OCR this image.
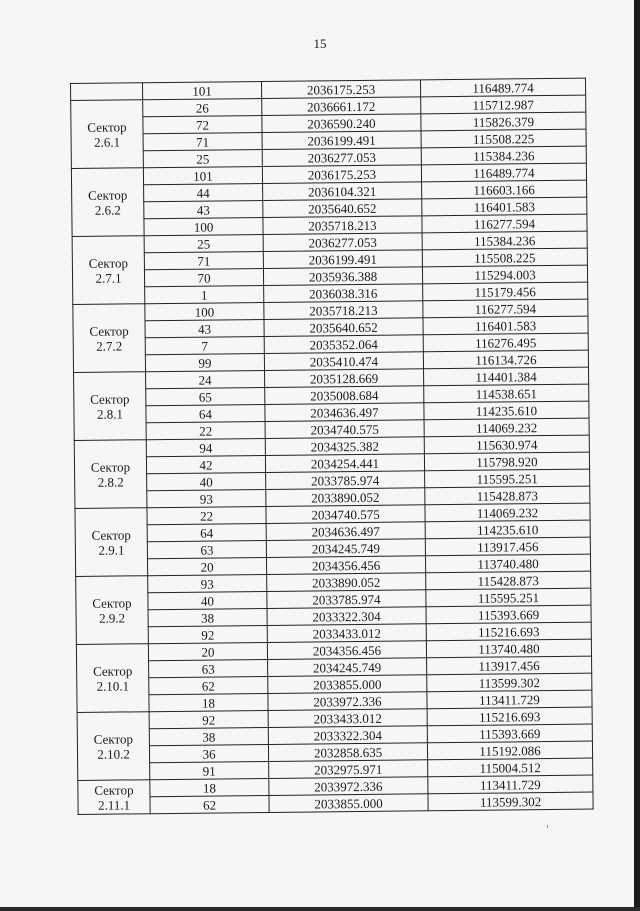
15
	101	2036175.253	116489.774

Сектор
2.6.1	26	2036661.172	115712.987
	72	2036590.240	115826.379
	71	2036199.491	115508.225
	25	2036277.053	115384.236

Сектор
2.6.2	101	2036175.253	116489.774
	44	2036104.321	116603.166
	43	2035640.652	116401.583
	100	2035718.213	116277.594

Сектор
2.7.1	25	2036277.053	115384.236
	71	2036199.491	115508.225
	70	2035936.388	115294.003
	1	2036038.316	115179.456

Сектор
2.7.2	100	2035718.213	116277.594
	43	2035640.652	116401.583
	7	2035352.064	116276.495
	99	2035410.474	116134.726

Сектор
2.8.1	24	2035128.669	114401.384
	65	2035008.684	114538.651
	64	2034636.497	114235.610
	22	2034740.575	114069.232

Сектор
2.8.2	94	2034325.382	115630.974
	42	2034254.441	115798.920
	40	2033785.974	115595.251
	93	2033890.052	115428.873

Сектор
2.9.1	22	2034740.575	114069.232
	64	2034636.497	114235.610
	63	2034245.749	113917.456
	20	2034356.456	113740.480

Сектор
2.9.2	93	2033890.052	115428.873
	40	2033785.974	115595.251
	38	2033322.304	115393.669
	92	2033433.012	115216.693

Сектор
2.10.1	20	2034356.456	113740.480
	63	2034245.749	113917.456
	62	2033855.000	113599.302
	18	2033972.336	113411.729

Сектор
2.10.2	92	2033433.012	115216.693
	38	2033322.304	115393.669
	36	2032858.635	115192.086
	91	2032975.971	115004.512

Сектор
2.11.1	18	2033972.336	113411.729
	62	2033855.000	113599.302
